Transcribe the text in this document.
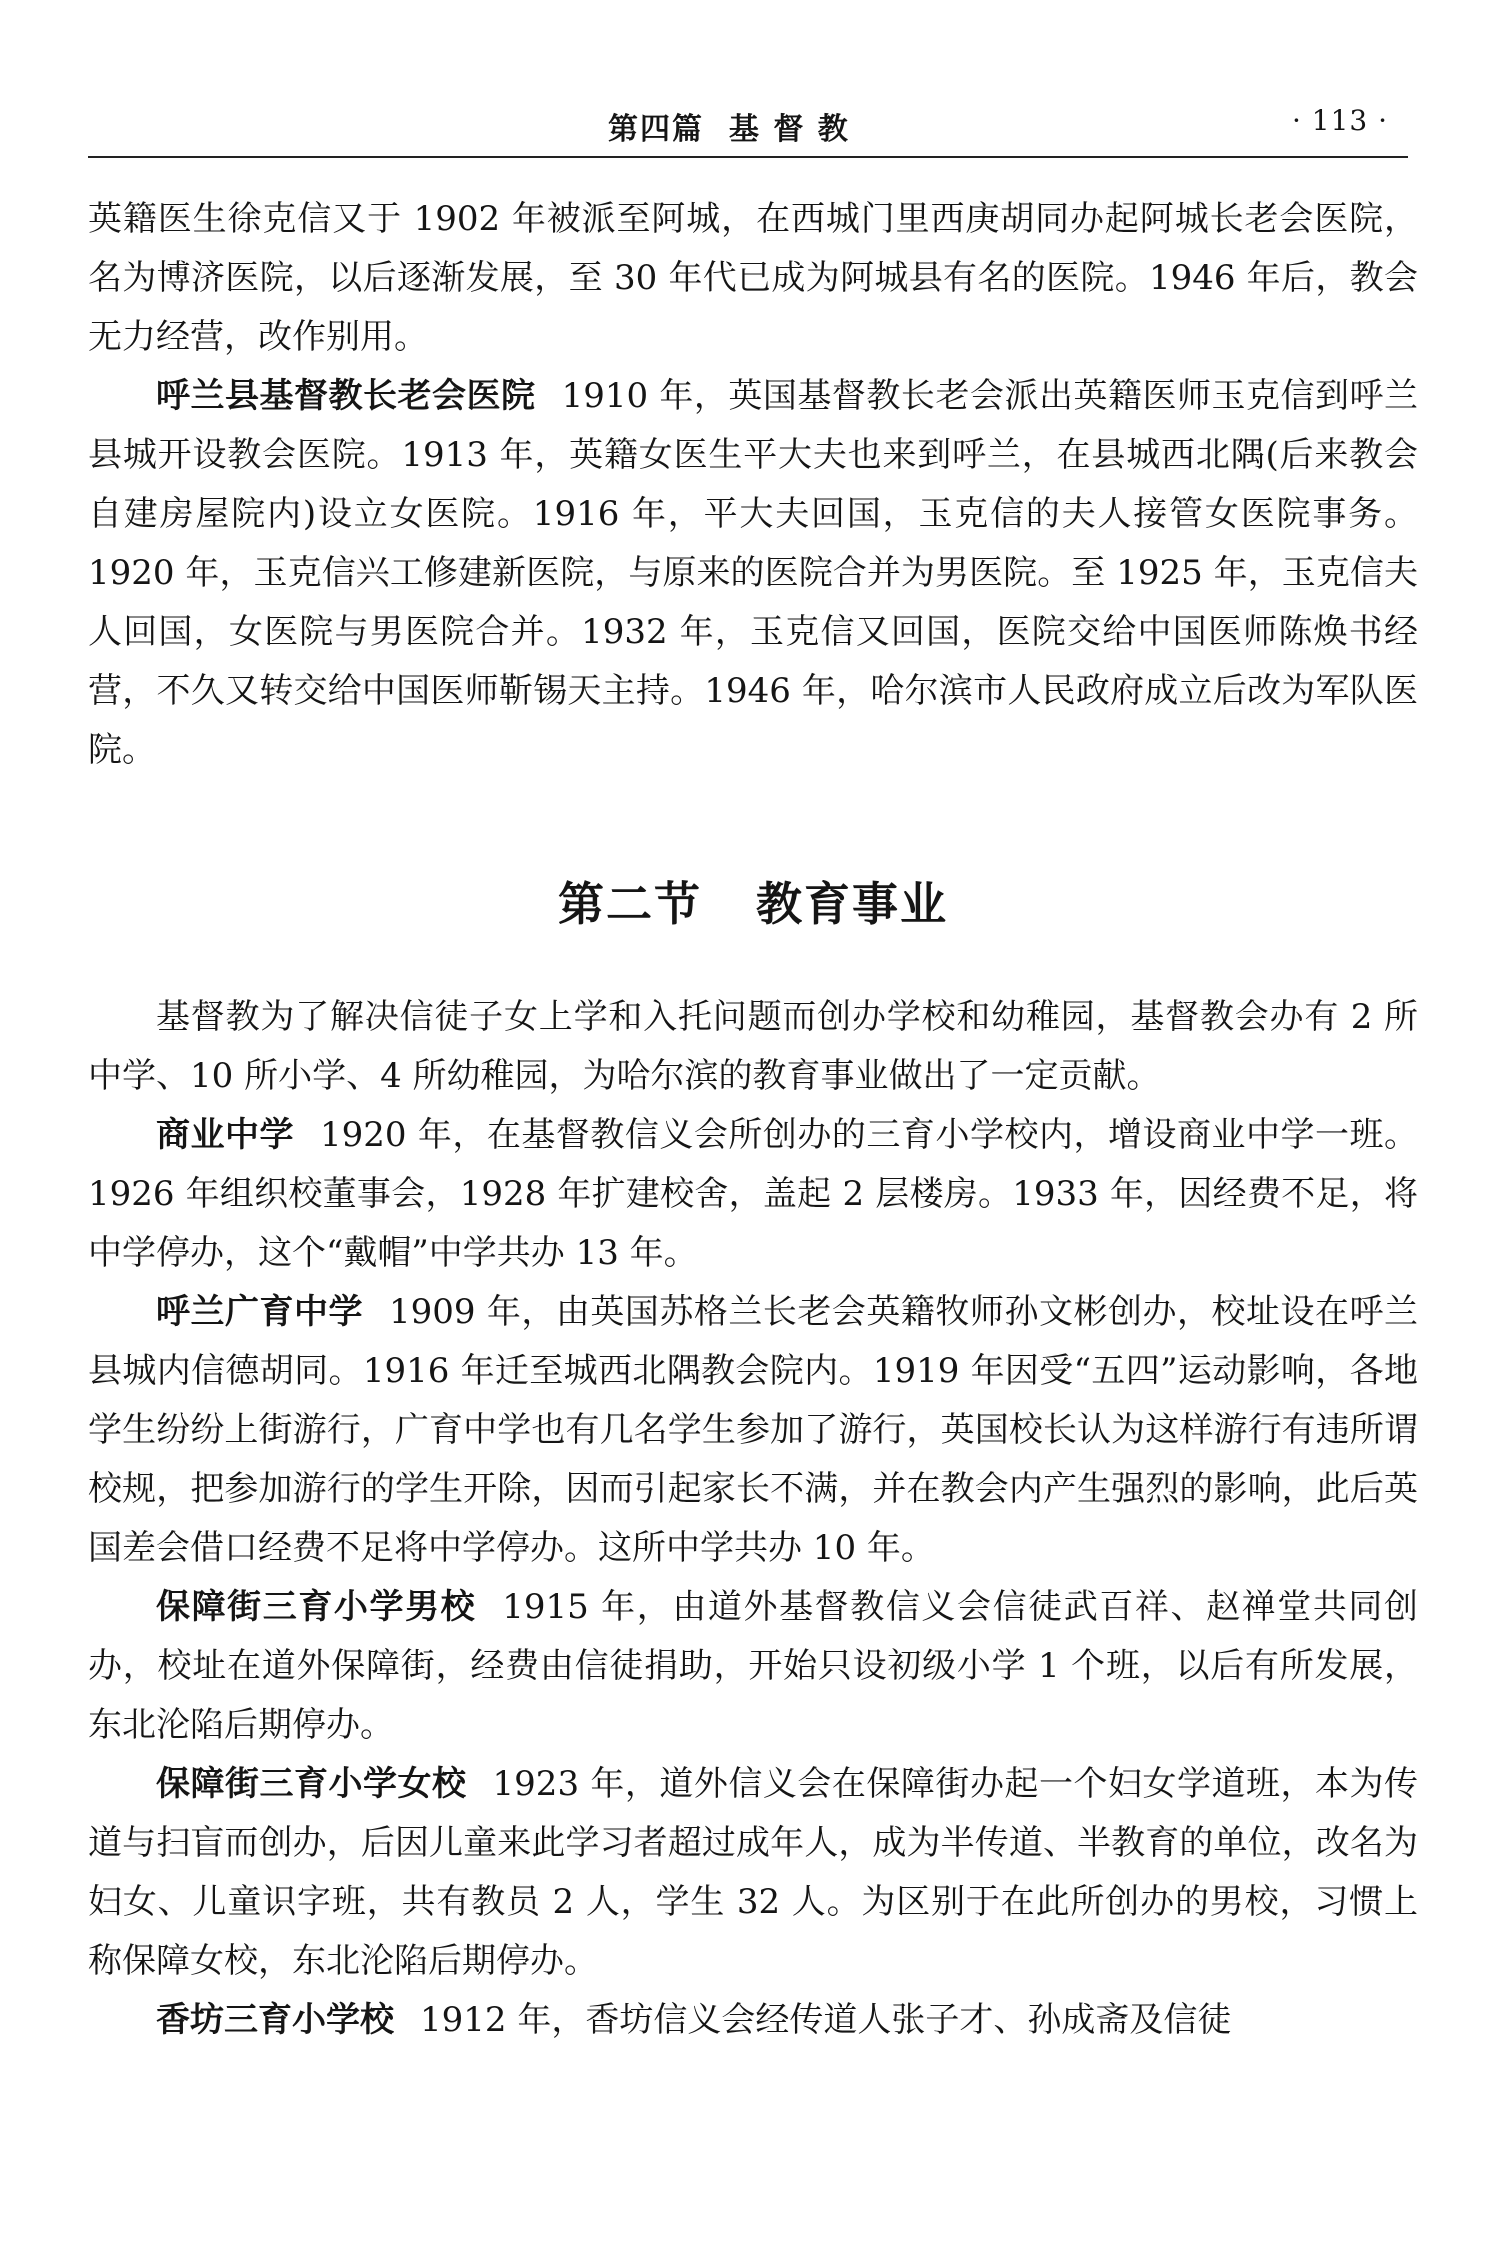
第四篇  基 督 教	· 113 ·

英籍医生徐克信又于 1902 年被派至阿城，在西城门里西庚胡同办起阿城长老会医院，名为博济医院，以后逐渐发展，至 30 年代已成为阿城县有名的医院。1946 年后，教会无力经营，改作别用。

呼兰县基督教长老会医院 1910 年，英国基督教长老会派出英籍医师玉克信到呼兰县城开设教会医院。1913 年，英籍女医生平大夫也来到呼兰，在县城西北隅(后来教会自建房屋院内)设立女医院。1916 年，平大夫回国，玉克信的夫人接管女医院事务。1920 年，玉克信兴工修建新医院，与原来的医院合并为男医院。至 1925 年，玉克信夫人回国，女医院与男医院合并。1932 年，玉克信又回国，医院交给中国医师陈焕书经营，不久又转交给中国医师靳锡天主持。1946 年，哈尔滨市人民政府成立后改为军队医院。

第二节   教育事业

基督教为了解决信徒子女上学和入托问题而创办学校和幼稚园，基督教会办有 2 所中学、10 所小学、4 所幼稚园，为哈尔滨的教育事业做出了一定贡献。

商业中学 1920 年，在基督教信义会所创办的三育小学校内，增设商业中学一班。1926 年组织校董事会，1928 年扩建校舍，盖起 2 层楼房。1933 年，因经费不足，将中学停办，这个“戴帽”中学共办 13 年。

呼兰广育中学 1909 年，由英国苏格兰长老会英籍牧师孙文彬创办，校址设在呼兰县城内信德胡同。1916 年迁至城西北隅教会院内。1919 年因受“五四”运动影响，各地学生纷纷上街游行，广育中学也有几名学生参加了游行，英国校长认为这样游行有违所谓校规，把参加游行的学生开除，因而引起家长不满，并在教会内产生强烈的影响，此后英国差会借口经费不足将中学停办。这所中学共办 10 年。

保障街三育小学男校 1915 年，由道外基督教信义会信徒武百祥、赵禅堂共同创办，校址在道外保障街，经费由信徒捐助，开始只设初级小学 1 个班，以后有所发展，东北沦陷后期停办。

保障街三育小学女校 1923 年，道外信义会在保障街办起一个妇女学道班，本为传道与扫盲而创办，后因儿童来此学习者超过成年人，成为半传道、半教育的单位，改名为妇女、儿童识字班，共有教员 2 人，学生 32 人。为区别于在此所创办的男校，习惯上称保障女校，东北沦陷后期停办。

香坊三育小学校 1912 年，香坊信义会经传道人张子才、孙成斋及信徒
